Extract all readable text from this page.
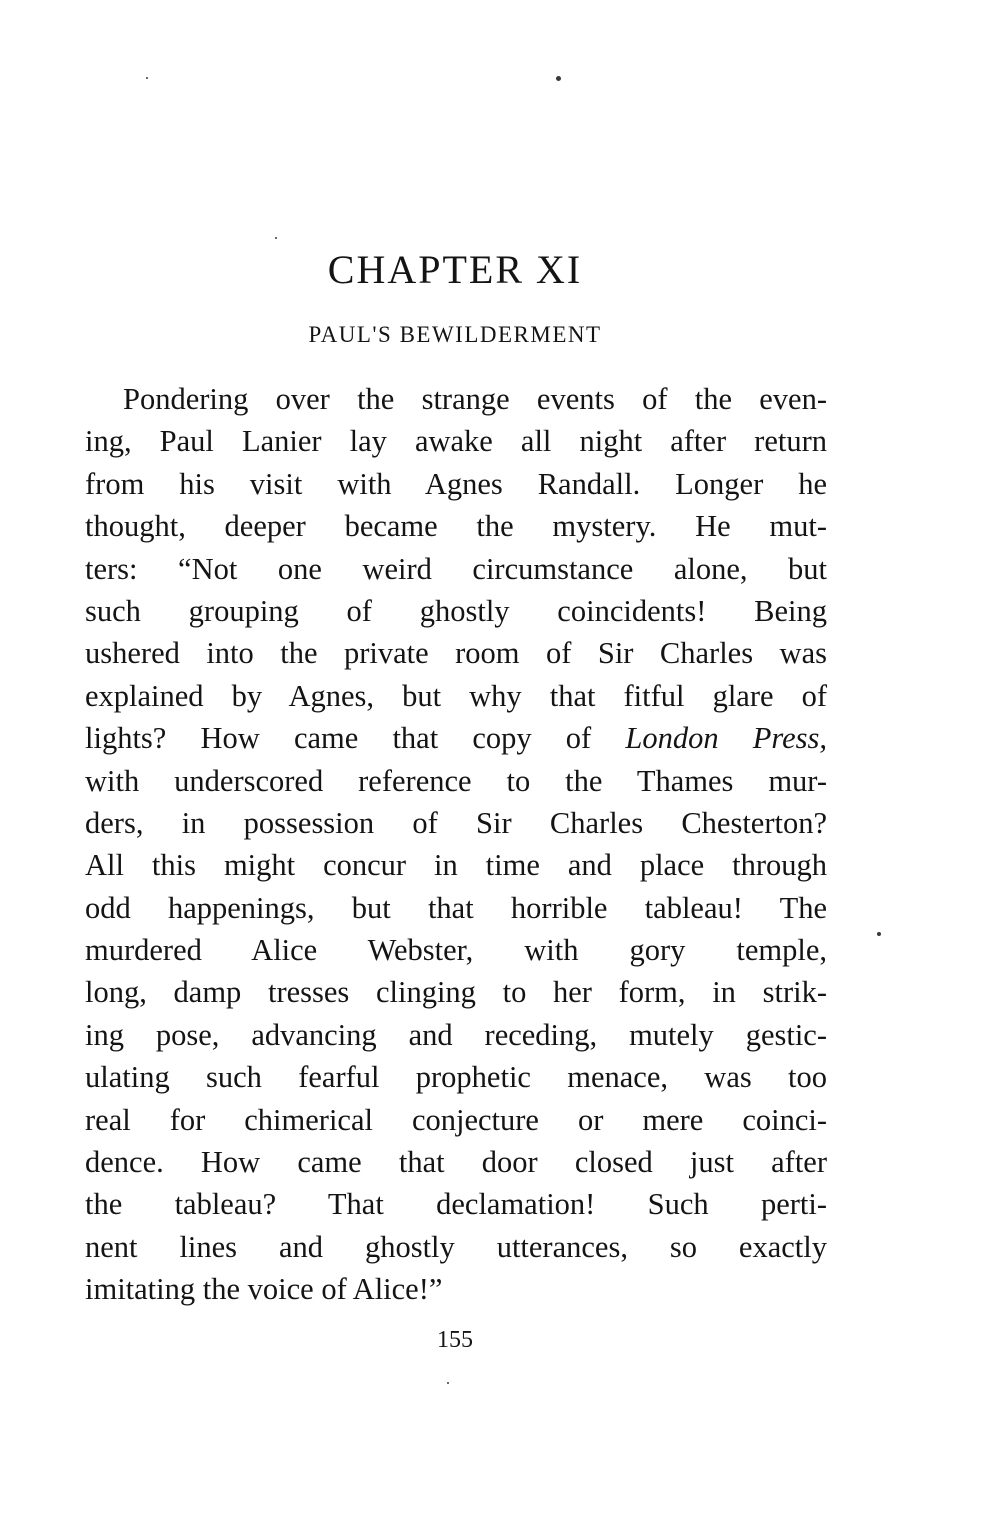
CHAPTER XI
PAUL'S BEWILDERMENT

Pondering over the strange events of the even-
ing, Paul Lanier lay awake all night after return
from his visit with Agnes Randall. Longer he
thought, deeper became the mystery. He mut-
ters: “Not one weird circumstance alone, but
such grouping of ghostly coincidents! Being
ushered into the private room of Sir Charles was
explained by Agnes, but why that fitful glare of
lights? How came that copy of London Press,
with underscored reference to the Thames mur-
ders, in possession of Sir Charles Chesterton?
All this might concur in time and place through
odd happenings, but that horrible tableau! The
murdered Alice Webster, with gory temple,
long, damp tresses clinging to her form, in strik-
ing pose, advancing and receding, mutely gestic-
ulating such fearful prophetic menace, was too
real for chimerical conjecture or mere coinci-
dence. How came that door closed just after
the tableau? That declamation! Such perti-
nent lines and ghostly utterances, so exactly
imitating the voice of Alice!”

155
